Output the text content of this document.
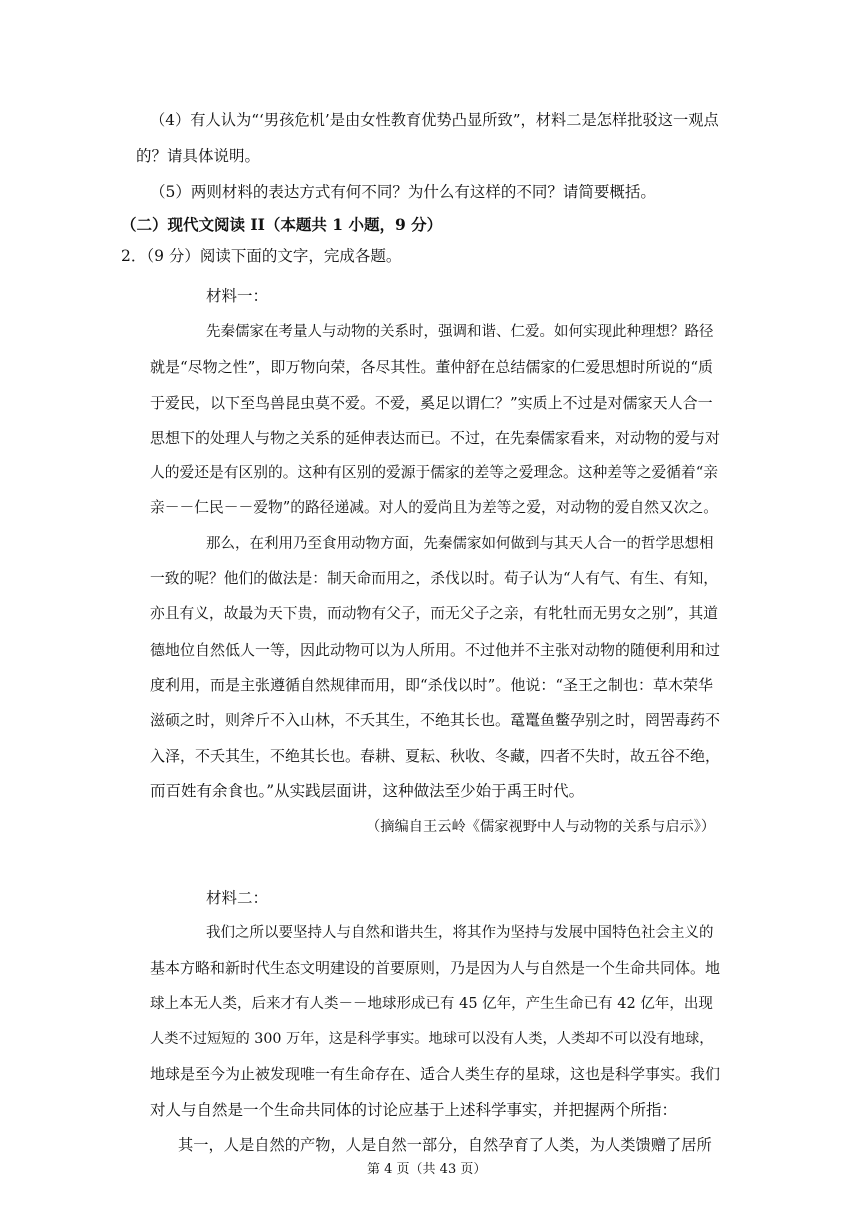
（4）有人认为“‘男孩危机’是由女性教育优势凸显所致”，材料二是怎样批驳这一观点

的？请具体说明。

（5）两则材料的表达方式有何不同？为什么有这样的不同？请简要概括。

（二）现代文阅读 II（本题共 1 小题，9 分）

2．（9 分）阅读下面的文字，完成各题。

材料一：

先秦儒家在考量人与动物的关系时，强调和谐、仁爱。如何实现此种理想？路径

就是“尽物之性”，即万物向荣，各尽其性。董仲舒在总结儒家的仁爱思想时所说的“质

于爱民，以下至鸟兽昆虫莫不爱。不爱，奚足以谓仁？”实质上不过是对儒家天人合一

思想下的处理人与物之关系的延伸表达而已。不过，在先秦儒家看来，对动物的爱与对

人的爱还是有区别的。这种有区别的爱源于儒家的差等之爱理念。这种差等之爱循着“亲

亲－－仁民－－爱物”的路径递减。对人的爱尚且为差等之爱，对动物的爱自然又次之。

那么，在利用乃至食用动物方面，先秦儒家如何做到与其天人合一的哲学思想相

一致的呢？他们的做法是：制天命而用之，杀伐以时。荀子认为“人有气、有生、有知，

亦且有义，故最为天下贵，而动物有父子，而无父子之亲，有牝牡而无男女之别”，其道

德地位自然低人一等，因此动物可以为人所用。不过他并不主张对动物的随便利用和过

度利用，而是主张遵循自然规律而用，即“杀伐以时”。他说：“圣王之制也：草木荣华

滋硕之时，则斧斤不入山林，不夭其生，不绝其长也。鼋鼍鱼鳖孕别之时，罔罟毒药不

入泽，不夭其生，不绝其长也。春耕、夏耘、秋收、冬藏，四者不失时，故五谷不绝，

而百姓有余食也。”从实践层面讲，这种做法至少始于禹王时代。

（摘编自王云岭《儒家视野中人与动物的关系与启示》）

材料二：

我们之所以要坚持人与自然和谐共生，将其作为坚持与发展中国特色社会主义的

基本方略和新时代生态文明建设的首要原则，乃是因为人与自然是一个生命共同体。地

球上本无人类，后来才有人类－－地球形成已有 45 亿年，产生生命已有 42 亿年，出现

人类不过短短的 300 万年，这是科学事实。地球可以没有人类，人类却不可以没有地球，

地球是至今为止被发现唯一有生命存在、适合人类生存的星球，这也是科学事实。我们

对人与自然是一个生命共同体的讨论应基于上述科学事实，并把握两个所指：

其一，人是自然的产物，人是自然一部分，自然孕育了人类，为人类馈赠了居所

第 4 页（共 43 页）
